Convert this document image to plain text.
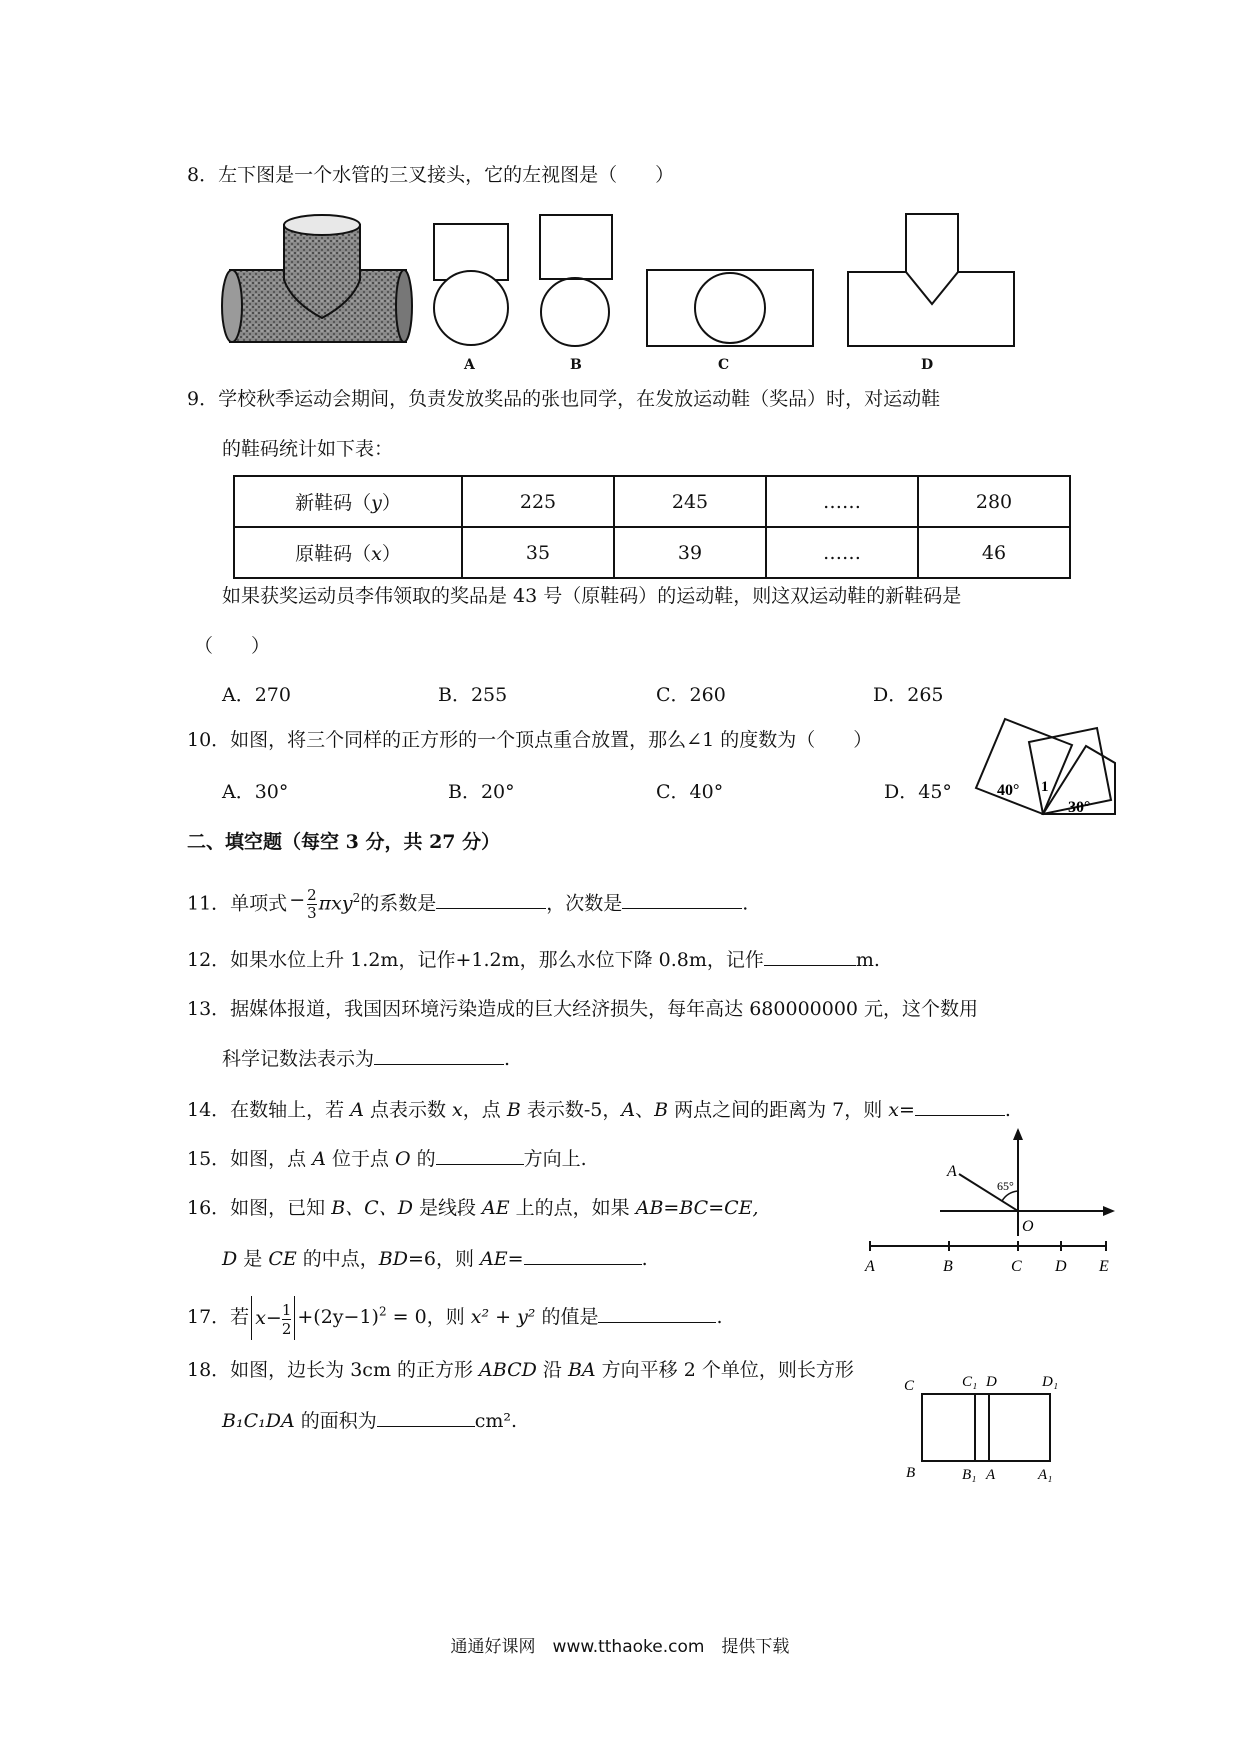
8．左下图是一个水管的三叉接头，它的左视图是（　　）
A	B	C	D
9．学校秋季运动会期间，负责发放奖品的张也同学，在发放运动鞋（奖品）时，对运动鞋
的鞋码统计如下表：
新鞋码（y）	225	245	……	280
原鞋码（x）	35	39	……	46
如果获奖运动员李伟领取的奖品是 43 号（原鞋码）的运动鞋，则这双运动鞋的新鞋码是
（　　）
A．270	B．255	C．260	D．265
10．如图，将三个同样的正方形的一个顶点重合放置，那么∠1 的度数为（　　）
A．30°	B．20°	C．40°	D．45°	40°
30°
1
二、填空题（每空 3 分，共 27 分）
11．单项式 − $\frac{2}{3} \pi xy^2$的系数是	，次数是	.
12．如果水位上升 1.2m，记作+1.2m，那么水位下降 0.8m，记作	m.
13．据媒体报道，我国因环境污染造成的巨大经济损失，每年高达 680000000 元，这个数用
科学记数法表示为	.
14．在数轴上，若 A 点表示数 x，点 B 表示数-5，A、B 两点之间的距离为 7，则 x=	.
15．如图，点 A 位于点 O 的	方向上.
A
O
65°
16．如图，已知 B、C、D 是线段 AE 上的点，如果 AB=BC=CE,
D 是 CE 的中点，BD=6，则 AE=	.	A	B	C D E
17．若 $x- \frac{1}{2} +(2y-1)^2 = 0$，则 x² + y² 的值是	.
18．如图，边长为 3cm 的正方形 ABCD 沿 BA 方向平移 2 个单位，则长方形
B₁C₁DA 的面积为	cm².
C	C₁ D	D₁
B	B₁ A	A₁
通通好课网　www.tthaoke.com　提供下载
